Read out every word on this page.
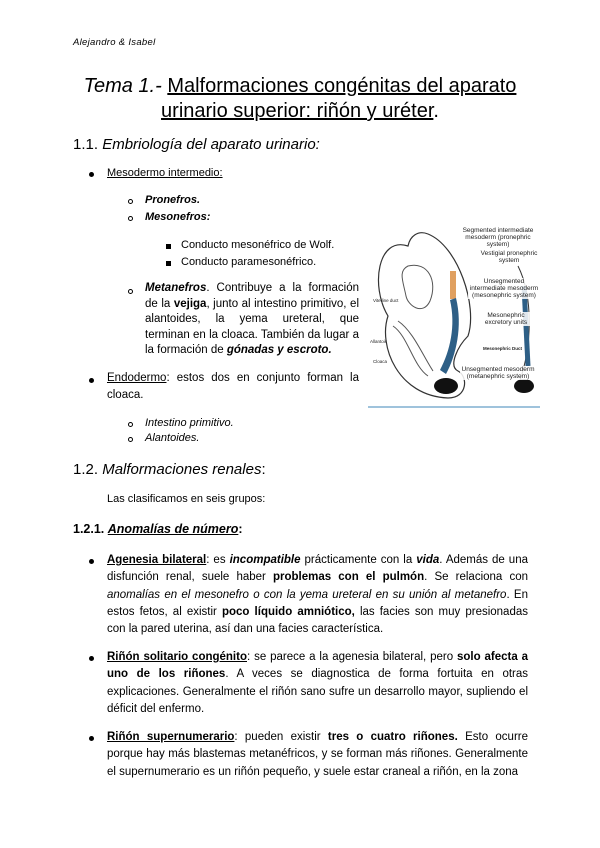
Alejandro & Isabel
Tema 1.- Malformaciones congénitas del aparato urinario superior: riñón y uréter.
1.1. Embriología del aparato urinario:
Mesodermo intermedio:
Pronefros.
Mesonefros:
Conducto mesonéfrico de Wolf.
Conducto paramesonéfrico.
Metanefros. Contribuye a la formación de la vejiga, junto al intestino primitivo, el alantoides, la yema ureteral, que terminan en la cloaca. También da lugar a la formación de gónadas y escroto.	Mesonephric Duct
Vitelline duct
Allantois
Cloaca
Segmented intermediate mesoderm (pronephric system)
Vestigial pronephric system
Unsegmented intermediate mesoderm (mesonephric system)
Mesonephric excretory units
Unsegmented mesoderm (metanephric system)
Endodermo: estos dos en conjunto forman la cloaca.
Intestino primitivo.
Alantoides.
1.2. Malformaciones renales:
Las clasificamos en seis grupos:
1.2.1. Anomalías de número:
Agenesia bilateral: es incompatible prácticamente con la vida. Además de una disfunción renal, suele haber problemas con el pulmón. Se relaciona con anomalías en el mesonefro o con la yema ureteral en su unión al metanefro. En estos fetos, al existir poco líquido amniótico, las facies son muy presionadas con la pared uterina, así dan una facies característica.
Riñón solitario congénito: se parece a la agenesia bilateral, pero solo afecta a uno de los riñones. A veces se diagnostica de forma fortuita en otras explicaciones. Generalmente el riñón sano sufre un desarrollo mayor, supliendo el déficit del enfermo.
Riñón supernumerario: pueden existir tres o cuatro riñones. Esto ocurre porque hay más blastemas metanéfricos, y se forman más riñones. Generalmente el supernumerario es un riñón pequeño, y suele estar craneal a riñón, en la zona
